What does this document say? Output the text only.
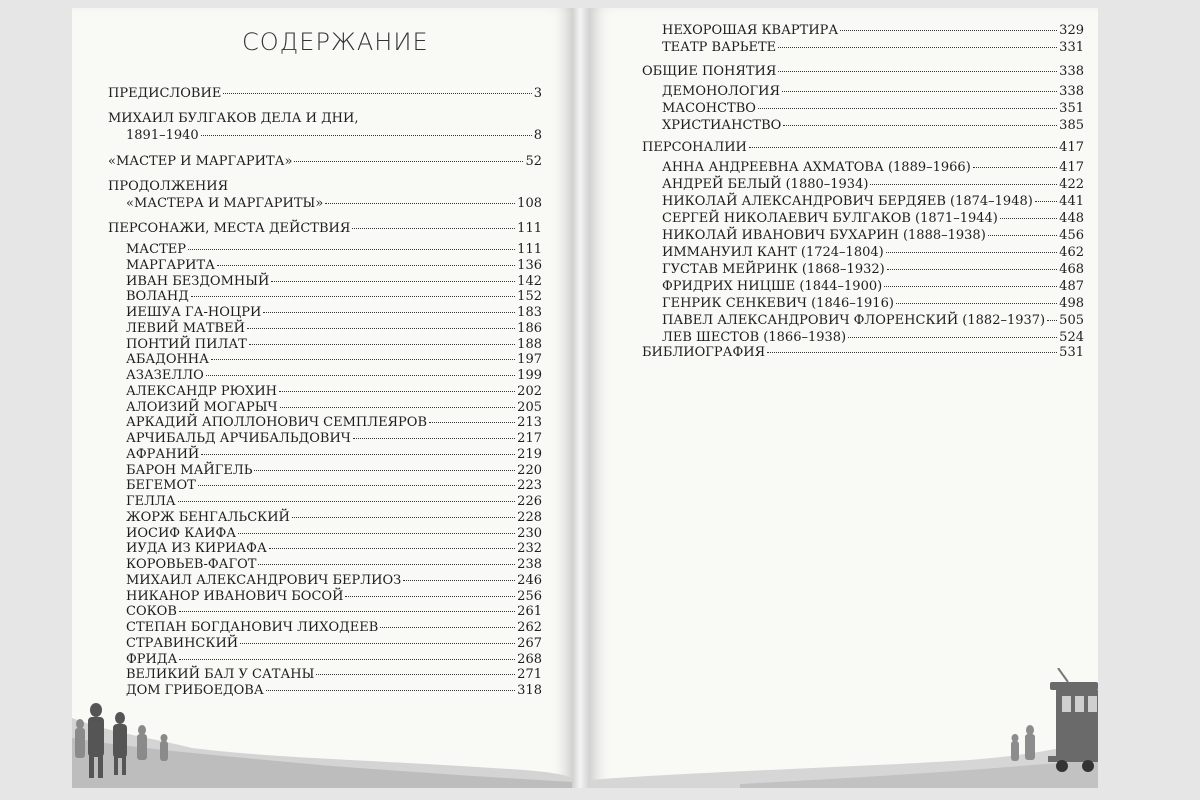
СОДЕРЖАНИЕ
ПРЕДИСЛОВИЕ	3
МИХАИЛ БУЛГАКОВ ДЕЛА И ДНИ,
1891–1940	8
«МАСТЕР И МАРГАРИТА»	52
ПРОДОЛЖЕНИЯ
«МАСТЕРА И МАРГАРИТЫ»	108
ПЕРСОНАЖИ, МЕСТА ДЕЙСТВИЯ	111
МАСТЕР	111
МАРГАРИТА	136
ИВАН БЕЗДОМНЫЙ	142
ВОЛАНД	152
ИЕШУА ГА-НОЦРИ	183
ЛЕВИЙ МАТВЕЙ	186
ПОНТИЙ ПИЛАТ	188
АБАДОННА	197
АЗАЗЕЛЛО	199
АЛЕКСАНДР РЮХИН	202
АЛОИЗИЙ МОГАРЫЧ	205
АРКАДИЙ АПОЛЛОНОВИЧ СЕМПЛЕЯРОВ	213
АРЧИБАЛЬД АРЧИБАЛЬДОВИЧ	217
АФРАНИЙ	219
БАРОН МАЙГЕЛЬ	220
БЕГЕМОТ	223
ГЕЛЛА	226
ЖОРЖ БЕНГАЛЬСКИЙ	228
ИОСИФ КАИФА	230
ИУДА ИЗ КИРИАФА	232
КОРОВЬЕВ-ФАГОТ	238
МИХАИЛ АЛЕКСАНДРОВИЧ БЕРЛИОЗ	246
НИКАНОР ИВАНОВИЧ БОСОЙ	256
СОКОВ	261
СТЕПАН БОГДАНОВИЧ ЛИХОДЕЕВ	262
СТРАВИНСКИЙ	267
ФРИДА	268
ВЕЛИКИЙ БАЛ У САТАНЫ	271
ДОМ ГРИБОЕДОВА	318
НЕХОРОШАЯ КВАРТИРА	329
ТЕАТР ВАРЬЕТЕ	331
ОБЩИЕ ПОНЯТИЯ	338
ДЕМОНОЛОГИЯ	338
МАСОНСТВО	351
ХРИСТИАНСТВО	385
ПЕРСОНАЛИИ	417
АННА АНДРЕЕВНА АХМАТОВА (1889–1966)	417
АНДРЕЙ БЕЛЫЙ (1880–1934)	422
НИКОЛАЙ АЛЕКСАНДРОВИЧ БЕРДЯЕВ (1874–1948) 441
СЕРГЕЙ НИКОЛАЕВИЧ БУЛГАКОВ (1871–1944)	448
НИКОЛАЙ ИВАНОВИЧ БУХАРИН (1888–1938)	456
ИММАНУИЛ КАНТ (1724–1804)	462
ГУСТАВ МЕЙРИНК (1868–1932)	468
ФРИДРИХ НИЦШЕ (1844–1900)	487
ГЕНРИК СЕНКЕВИЧ (1846–1916)	498
ПАВЕЛ АЛЕКСАНДРОВИЧ ФЛОРЕНСКИЙ (1882–1937) 505
ЛЕВ ШЕСТОВ (1866–1938)	524
БИБЛИОГРАФИЯ	531
